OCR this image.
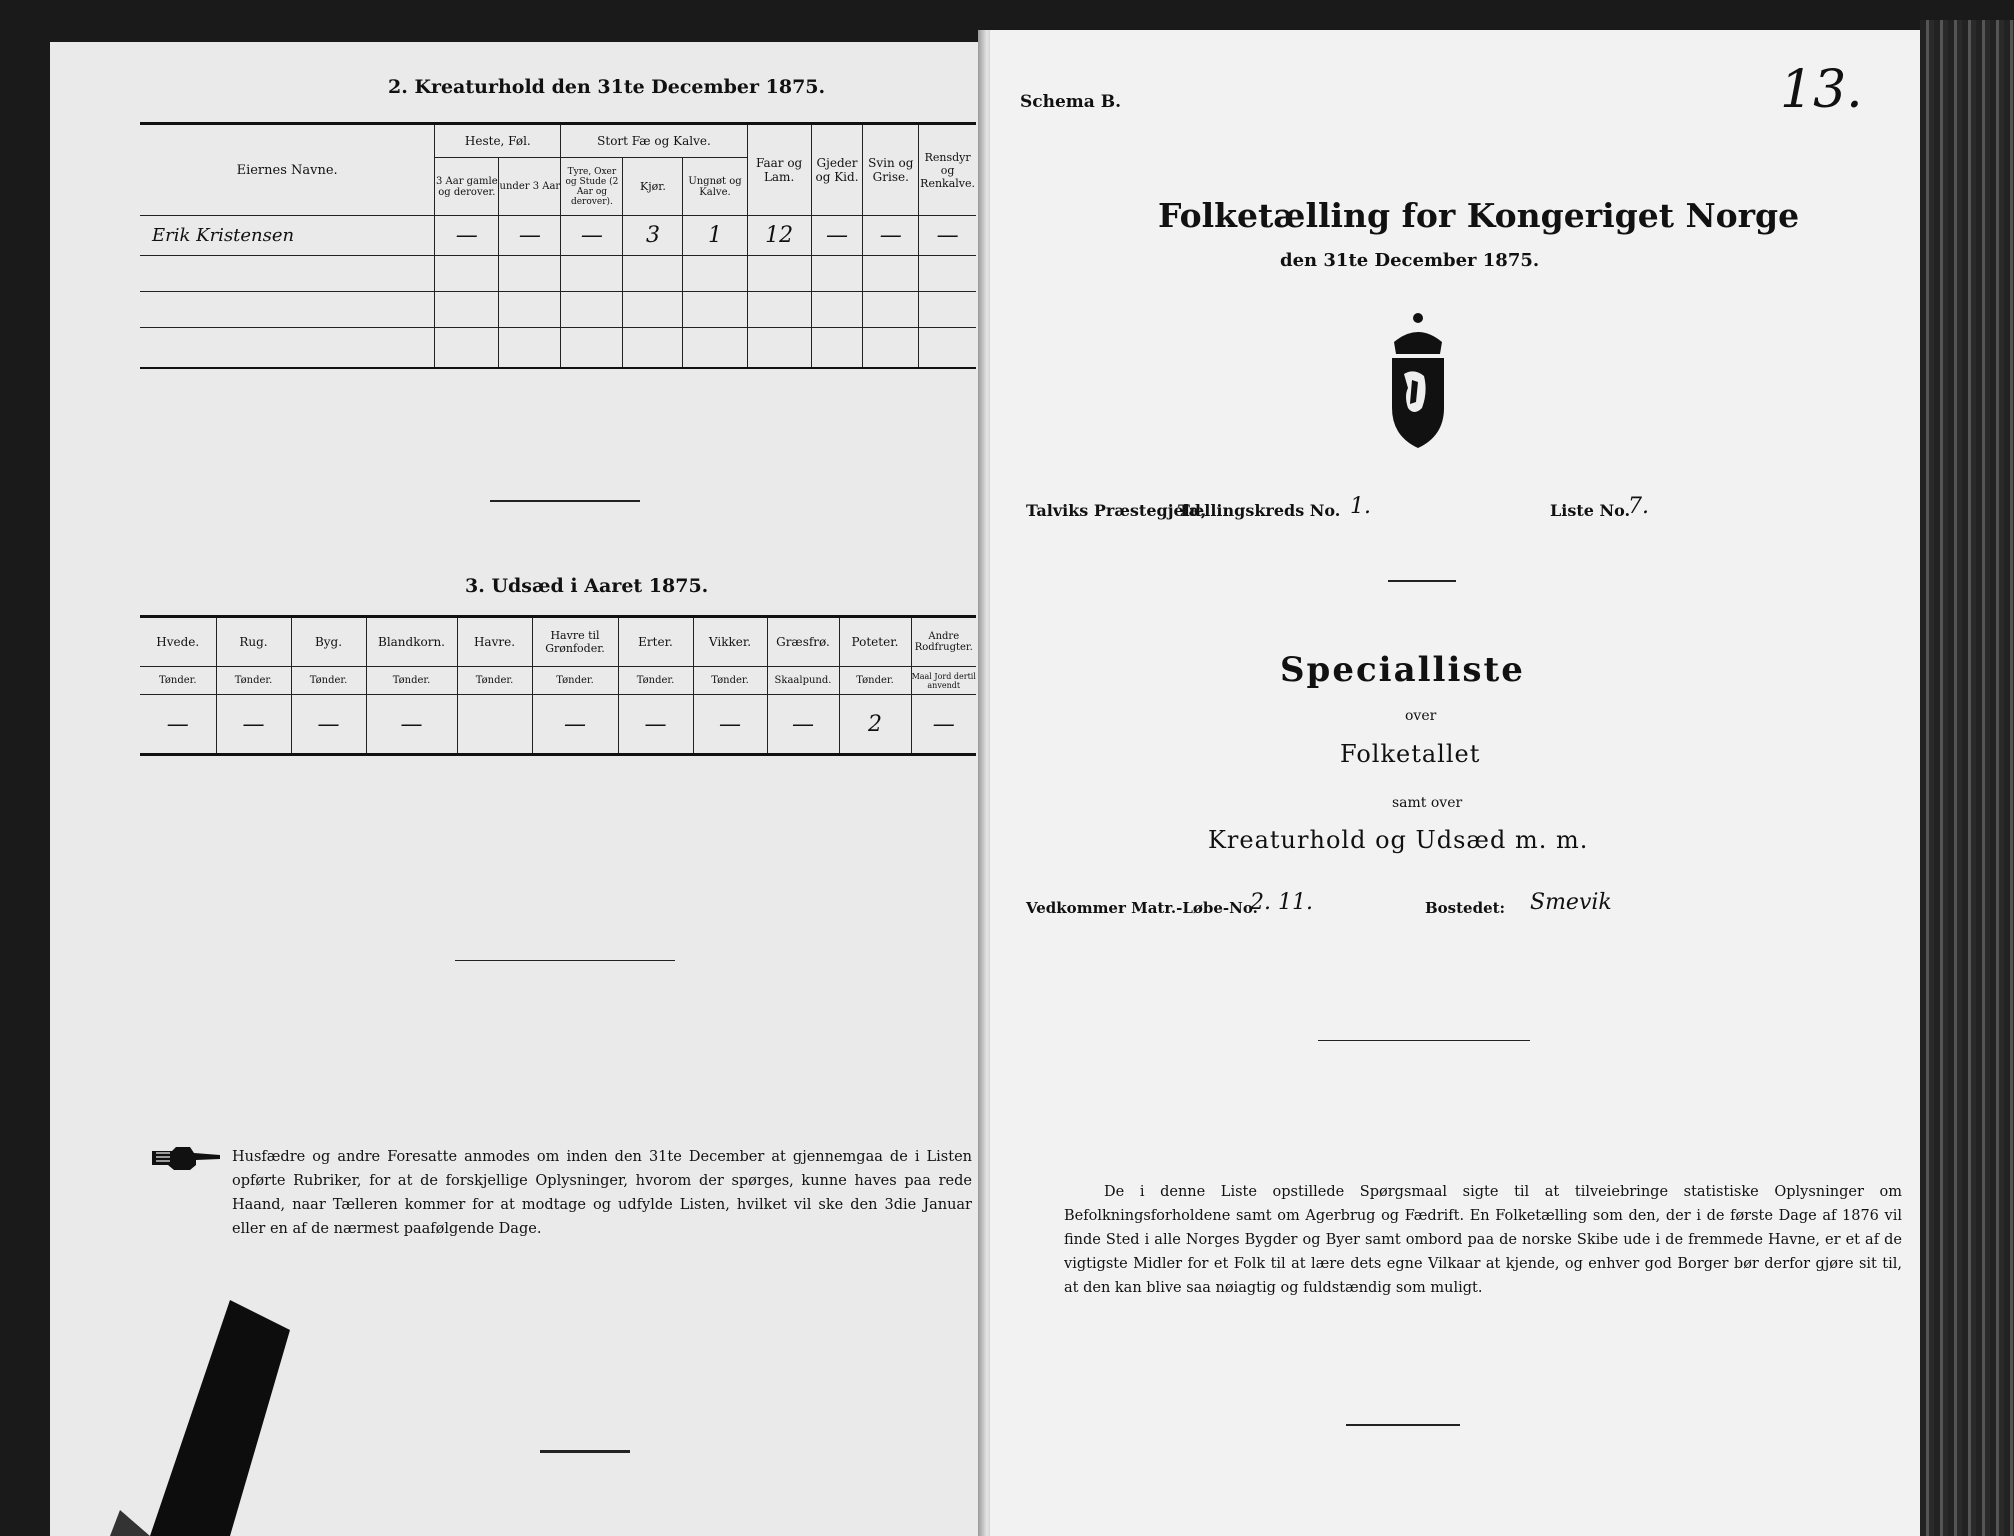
2. Kreaturhold den 31te December 1875.
Eiernes Navne.	Heste, Føl.		Stort Fæ og Kalve.			Faar og Lam.	Gjeder og Kid.	Svin og Grise.	Rensdyr og Renkalve.
	3 Aar gamle og derover.	under 3 Aar	Tyre, Oxer og Stude (2 Aar og derover).	Kjør.	Ungnøt og Kalve.				
Erik Kristensen	—	—	—	3	1	12	—	—	—

3. Udsæd i Aaret 1875.
Hvede.	Rug.	Byg.	Blandkorn.	Havre.	Havre til Grønfoder.	Erter.	Vikker.	Græsfrø.	Poteter.	Andre Rodfrugter.
Tønder.	Tønder.	Tønder.	Tønder.	Tønder.	Tønder.	Tønder.	Tønder.	Skaalpund.	Tønder.	Maal Jord dertil anvendt
—	—	—	—		—	—	—	—	2	—
Husfædre og andre Foresatte anmodes om inden den 31te December at gjennemgaa de i Listen opførte Rubriker, for at de forskjellige Oplysninger, hvorom der spørges, kunne haves paa rede Haand, naar Tælleren kommer for at modtage og udfylde Listen, hvilket vil ske den 3die Januar eller en af de nærmest paafølgende Dage.
Schema B.	13.
Folketælling for Kongeriget Norge
den 31te December 1875.
Talviks Præstegjeld,
Tællingskreds No. 1.	Liste No.
7.
Specialliste
over
Folketallet
samt over
Kreaturhold og Udsæd m. m.
Vedkommer Matr.-Løbe-No.
2. 11.	Bostedet: Smevik
De i denne Liste opstillede Spørgsmaal sigte til at tilveiebringe statistiske Oplysninger om Befolkningsforholdene samt om Agerbrug og Fædrift. En Folketælling som den, der i de første Dage af 1876 vil finde Sted i alle Norges Bygder og Byer samt ombord paa de norske Skibe ude i de fremmede Havne, er et af de vigtigste Midler for et Folk til at lære dets egne Vilkaar at kjende, og enhver god Borger bør derfor gjøre sit til, at den kan blive saa nøiagtig og fuldstændig som muligt.
